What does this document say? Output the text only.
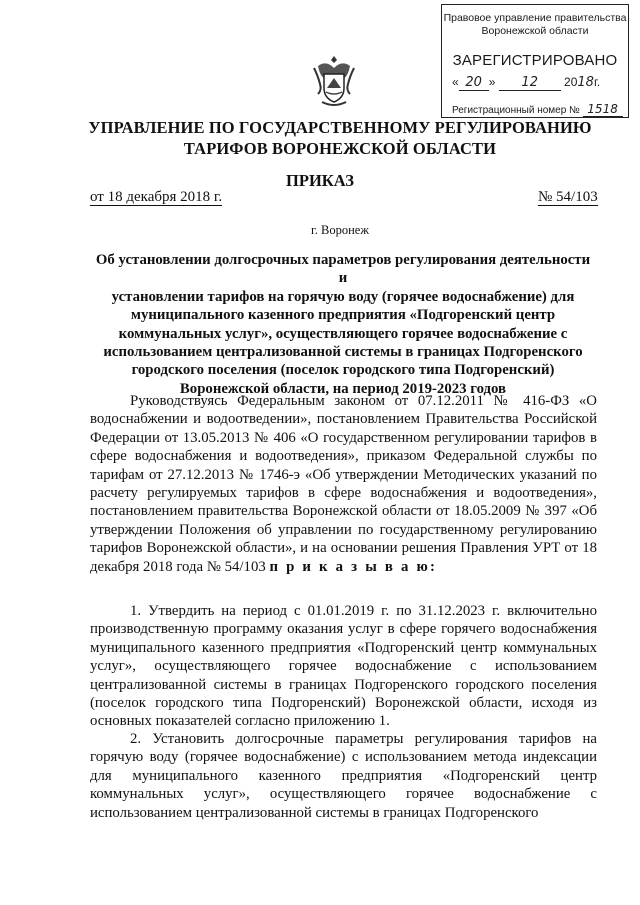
Правовое управление правительства
Воронежской области
ЗАРЕГИСТРИРОВАНО
« 20 » 12 2018г.
Регистрационный номер № 1518
УПРАВЛЕНИЕ ПО ГОСУДАРСТВЕННОМУ РЕГУЛИРОВАНИЮ
ТАРИФОВ ВОРОНЕЖСКОЙ ОБЛАСТИ
ПРИКАЗ
от 18 декабря 2018 г.	№ 54/103
г. Воронеж
Об установлении долгосрочных параметров регулирования деятельности и
установлении тарифов на горячую воду (горячее водоснабжение) для
муниципального казенного предприятия «Подгоренский центр
коммунальных услуг», осуществляющего горячее водоснабжение с
использованием централизованной системы в границах Подгоренского
городского поселения (поселок городского типа Подгоренский)
Воронежской области, на период 2019-2023 годов
Руководствуясь Федеральным законом от 07.12.2011 № 416-ФЗ «О водоснабжении и водоотведении», постановлением Правительства Российской Федерации от 13.05.2013 № 406 «О государственном регулировании тарифов в сфере водоснабжения и водоотведения», приказом Федеральной службы по тарифам от 27.12.2013 № 1746-э «Об утверждении Методических указаний по расчету регулируемых тарифов в сфере водоснабжения и водоотведения», постановлением правительства Воронежской области от 18.05.2009 № 397 «Об утверждении Положения об управлении по государственному регулированию тарифов Воронежской области», и на основании решения Правления УРТ от 18 декабря 2018 года № 54/103 п р и к а з ы в а ю:
1. Утвердить на период с 01.01.2019 г. по 31.12.2023 г. включительно производственную программу оказания услуг в сфере горячего водоснабжения муниципального казенного предприятия «Подгоренский центр коммунальных услуг», осуществляющего горячее водоснабжение с использованием централизованной системы в границах Подгоренского городского поселения (поселок городского типа Подгоренский) Воронежской области, исходя из основных показателей согласно приложению 1.
2. Установить долгосрочные параметры регулирования тарифов на горячую воду (горячее водоснабжение) с использованием метода индексации для муниципального казенного предприятия «Подгоренский центр коммунальных услуг», осуществляющего горячее водоснабжение с использованием централизованной системы в границах Подгоренского
